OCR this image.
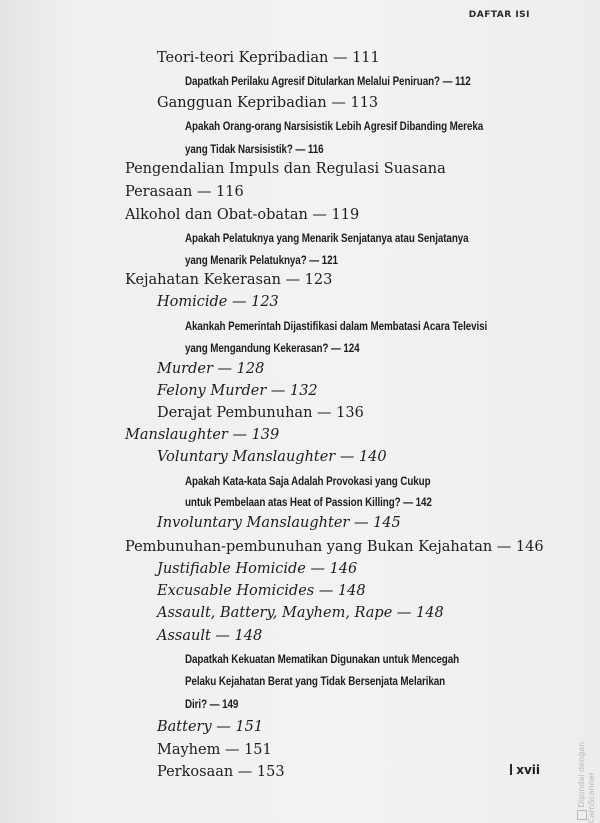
DAFTAR ISI
Teori-teori Kepribadian — 111
Dapatkah Perilaku Agresif Ditularkan Melalui Peniruan? — 112
Gangguan Kepribadian — 113
Apakah Orang-orang Narsisistik Lebih Agresif Dibanding Mereka
yang Tidak Narsisistik? — 116
Pengendalian Impuls dan Regulasi Suasana
Perasaan — 116
Alkohol dan Obat-obatan — 119
Apakah Pelatuknya yang Menarik Senjatanya atau Senjatanya
yang Menarik Pelatuknya? — 121
Kejahatan Kekerasan — 123
Homicide — 123
Akankah Pemerintah Dijastifikasi dalam Membatasi Acara Televisi
yang Mengandung Kekerasan? — 124
Murder — 128
Felony Murder — 132
Derajat Pembunuhan — 136
Manslaughter — 139
Voluntary Manslaughter — 140
Apakah Kata-kata Saja Adalah Provokasi yang Cukup
untuk Pembelaan atas Heat of Passion Killing? — 142
Involuntary Manslaughter — 145
Pembunuhan-pembunuhan yang Bukan Kejahatan — 146
Justifiable Homicide — 146
Excusable Homicides — 148
Assault, Battery, Mayhem, Rape — 148
Assault — 148
Dapatkah Kekuatan Mematikan Digunakan untuk Mencegah
Pelaku Kejahatan Berat yang Tidak Bersenjata Melarikan
Diri? — 149
Battery — 151
Mayhem — 151
Perkosaan — 153	xvii	Dipindai dengan CamScanner
